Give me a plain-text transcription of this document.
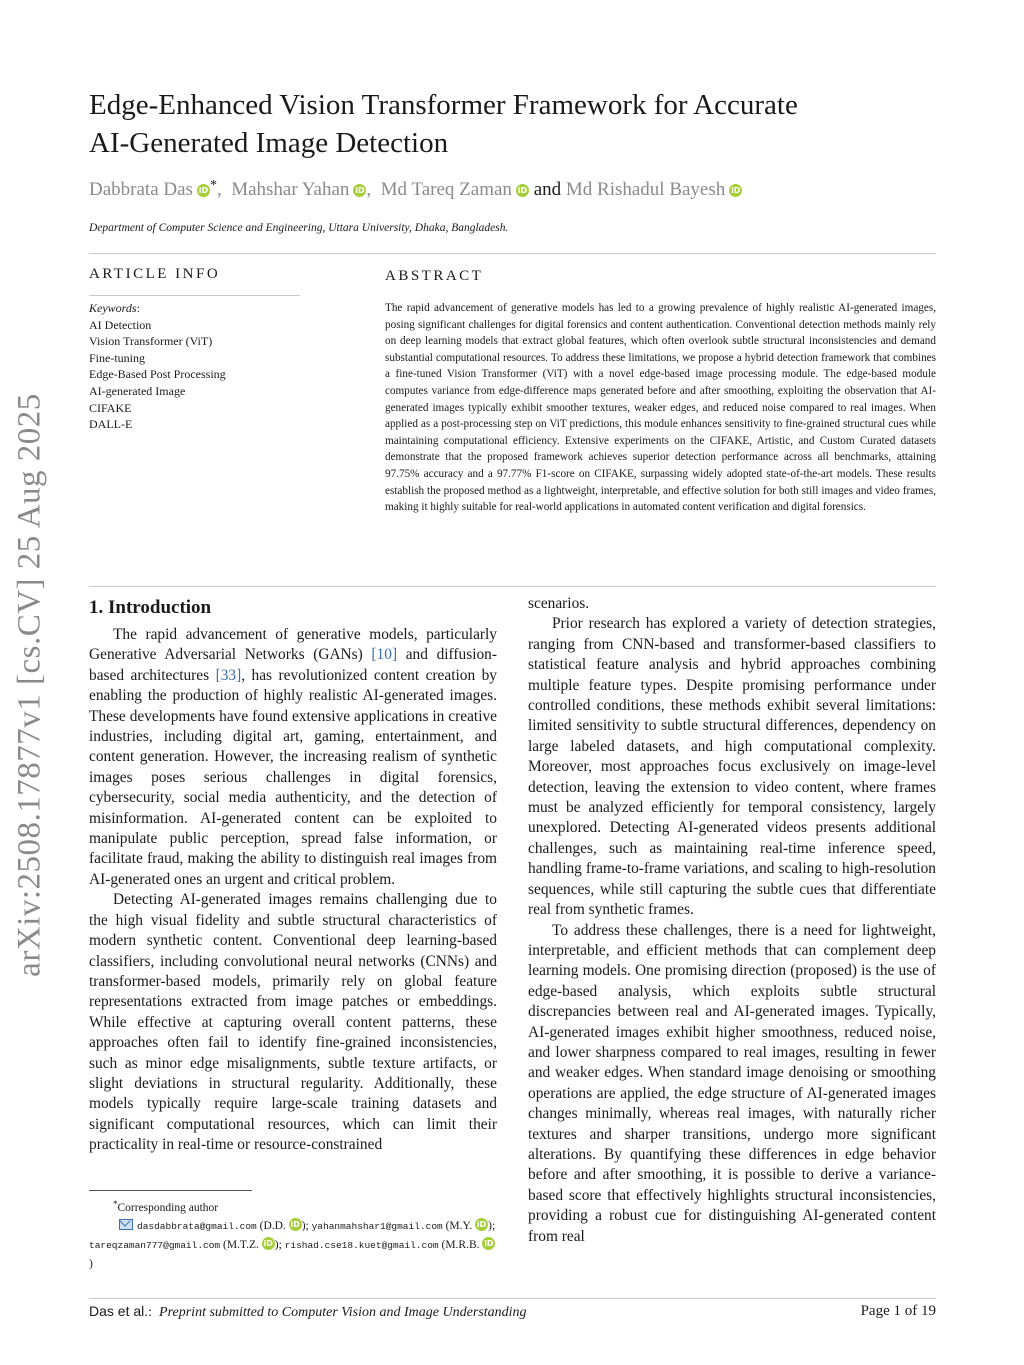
arXiv:2508.17877v1 [cs.CV] 25 Aug 2025
Edge-Enhanced Vision Transformer Framework for Accurate
AI-Generated Image Detection
Dabbrata Das iD *,  Mahshar Yahan iD,  Md Tareq Zaman iD and Md Rishadul Bayesh iD
Department of Computer Science and Engineering, Uttara University, Dhaka, Bangladesh.
ARTICLE INFO
Keywords:
AI Detection
Vision Transformer (ViT)
Fine-tuning
Edge-Based Post Processing
AI-generated Image
CIFAKE
DALL-E
ABSTRACT

The rapid advancement of generative models has led to a growing prevalence of highly realistic AI-generated images, posing significant challenges for digital forensics and content authentication. Conventional detection methods mainly rely on deep learning models that extract global features, which often overlook subtle structural inconsistencies and demand substantial computational resources. To address these limitations, we propose a hybrid detection framework that combines a fine-tuned Vision Transformer (ViT) with a novel edge-based image processing module. The edge-based module computes variance from edge-difference maps generated before and after smoothing, exploiting the observation that AI-generated images typically exhibit smoother textures, weaker edges, and reduced noise compared to real images. When applied as a post-processing step on ViT predictions, this module enhances sensitivity to fine-grained structural cues while maintaining computational efficiency. Extensive experiments on the CIFAKE, Artistic, and Custom Curated datasets demonstrate that the proposed framework achieves superior detection performance across all benchmarks, attaining 97.75% accuracy and a 97.77% F1-score on CIFAKE, surpassing widely adopted state-of-the-art models. These results establish the proposed method as a lightweight, interpretable, and effective solution for both still images and video frames, making it highly suitable for real-world applications in automated content verification and digital forensics.

1. Introduction

The rapid advancement of generative models, particularly Generative Adversarial Networks (GANs) [10] and diffusion-based architectures [33], has revolutionized content creation by enabling the production of highly realistic AI-generated images. These developments have found extensive applications in creative industries, including digital art, gaming, entertainment, and content generation. However, the increasing realism of synthetic images poses serious challenges in digital forensics, cybersecurity, social media authenticity, and the detection of misinformation. AI-generated content can be exploited to manipulate public perception, spread false information, or facilitate fraud, making the ability to distinguish real images from AI-generated ones an urgent and critical problem.

Detecting AI-generated images remains challenging due to the high visual fidelity and subtle structural characteristics of modern synthetic content. Conventional deep learning-based classifiers, including convolutional neural networks (CNNs) and transformer-based models, primarily rely on global feature representations extracted from image patches or embeddings. While effective at capturing overall content patterns, these approaches often fail to identify fine-grained inconsistencies, such as minor edge misalignments, subtle texture artifacts, or slight deviations in structural regularity. Additionally, these models typically require large-scale training datasets and significant computational resources, which can limit their practicality in real-time or resource-constrained

scenarios.

Prior research has explored a variety of detection strategies, ranging from CNN-based and transformer-based classifiers to statistical feature analysis and hybrid approaches combining multiple feature types. Despite promising performance under controlled conditions, these methods exhibit several limitations: limited sensitivity to subtle structural differences, dependency on large labeled datasets, and high computational complexity. Moreover, most approaches focus exclusively on image-level detection, leaving the extension to video content, where frames must be analyzed efficiently for temporal consistency, largely unexplored. Detecting AI-generated videos presents additional challenges, such as maintaining real-time inference speed, handling frame-to-frame variations, and scaling to high-resolution sequences, while still capturing the subtle cues that differentiate real from synthetic frames.

To address these challenges, there is a need for lightweight, interpretable, and efficient methods that can complement deep learning models. One promising direction (proposed) is the use of edge-based analysis, which exploits subtle structural discrepancies between real and AI-generated images. Typically, AI-generated images exhibit higher smoothness, reduced noise, and lower sharpness compared to real images, resulting in fewer and weaker edges. When standard image denoising or smoothing operations are applied, the edge structure of AI-generated images changes minimally, whereas real images, with naturally richer textures and sharper transitions, undergo more significant alterations. By quantifying these differences in edge behavior before and after smoothing, it is possible to derive a variance-based score that effectively highlights structural inconsistencies, providing a robust cue for distinguishing AI-generated content from real

*Corresponding author
dasdabbrata@gmail.com (D.D. iD ); yahanmahshar1@gmail.com (M.Y. iD ); tareqzaman777@gmail.com (M.T.Z. iD ); rishad.cse18.kuet@gmail.com (M.R.B. iD)
Das et al.: Preprint submitted to Computer Vision and Image Understanding	Page 1 of 19
